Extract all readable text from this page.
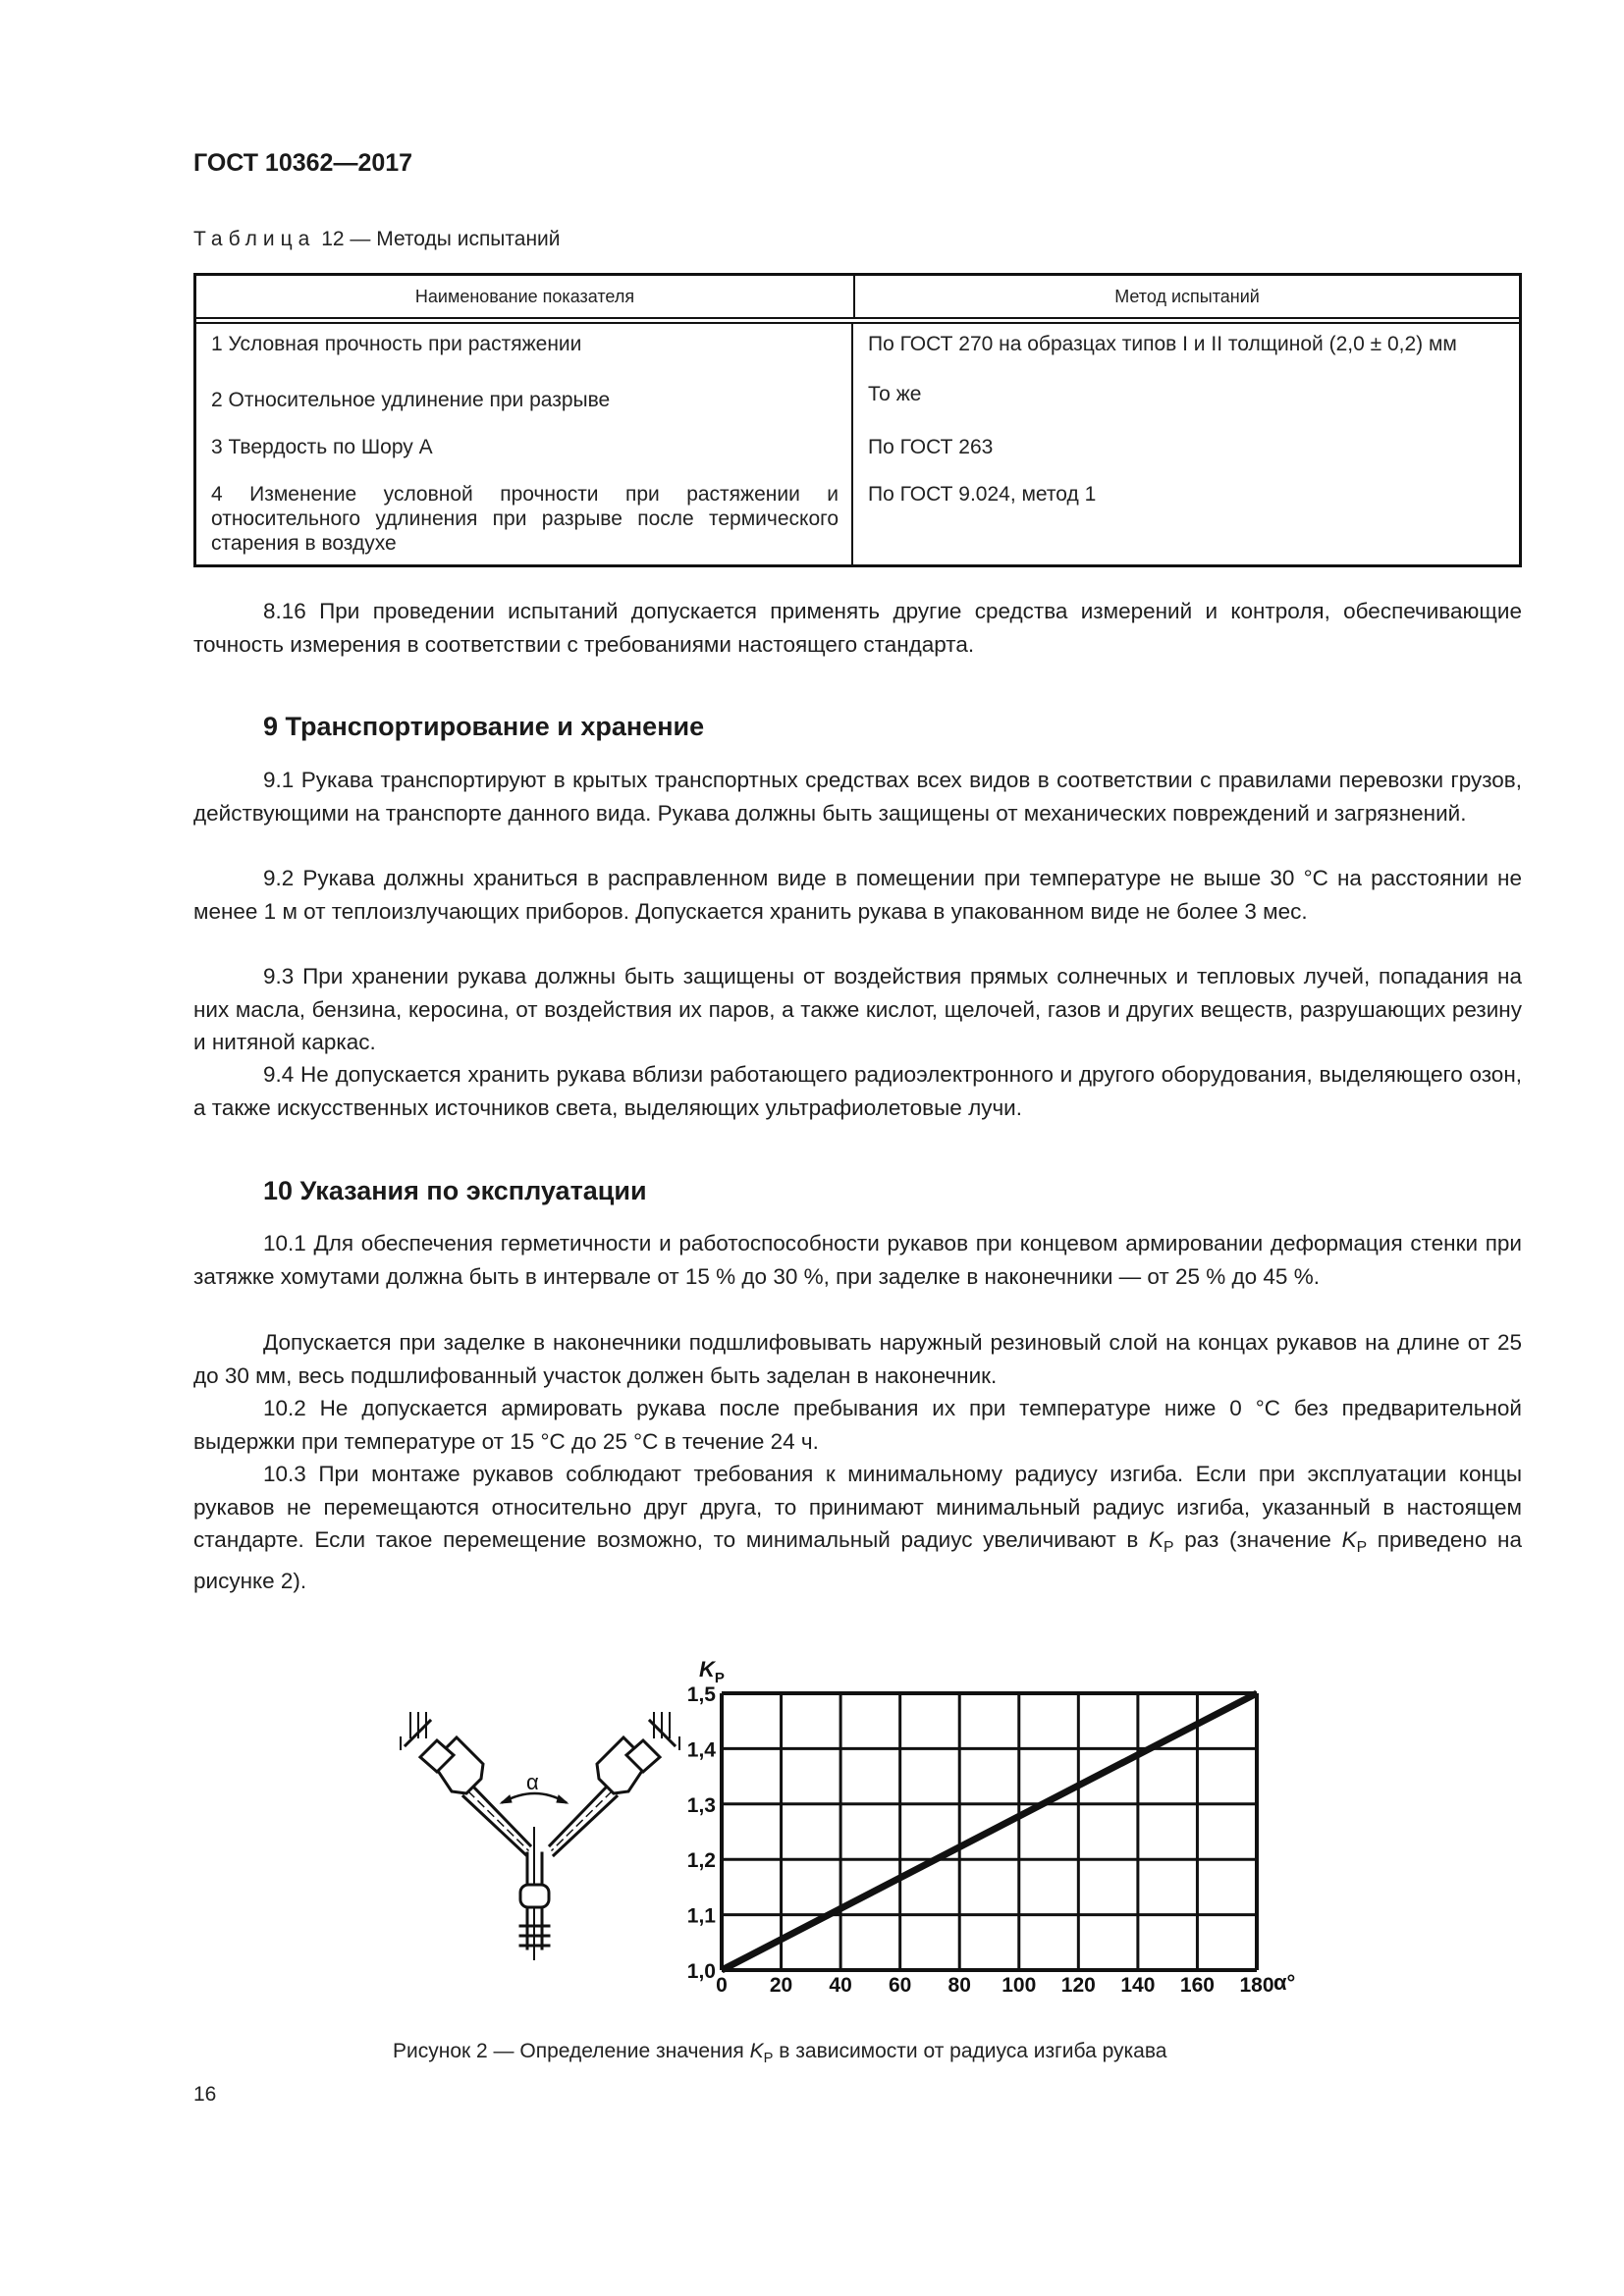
ГОСТ 10362—2017
Таблица 12 — Методы испытаний
Наименование показателя	Метод испытаний
1 Условная прочность при растяжении
2 Относительное удлинение при разрыве
3 Твердость по Шору А
4 Изменение условной прочности при растяжении и относительного удлинения при разрыве после термического старения в воздухе
По ГОСТ 270 на образцах типов I и II толщиной (2,0 ± 0,2) мм
То же
По ГОСТ 263
По ГОСТ 9.024, метод 1
8.16 При проведении испытаний допускается применять другие средства измерений и контроля, обеспечивающие точность измерения в соответствии с требованиями настоящего стандарта.
9 Транспортирование и хранение
9.1 Рукава транспортируют в крытых транспортных средствах всех видов в соответствии с правилами перевозки грузов, действующими на транспорте данного вида. Рукава должны быть защищены от механических повреждений и загрязнений.
9.2 Рукава должны храниться в расправленном виде в помещении при температуре не выше 30 °С на расстоянии не менее 1 м от теплоизлучающих приборов. Допускается хранить рукава в упакованном виде не более 3 мес.
9.3 При хранении рукава должны быть защищены от воздействия прямых солнечных и тепловых лучей, попадания на них масла, бензина, керосина, от воздействия их паров, а также кислот, щелочей, газов и других веществ, разрушающих резину и нитяной каркас.
9.4 Не допускается хранить рукава вблизи работающего радиоэлектронного и другого оборудования, выделяющего озон, а также искусственных источников света, выделяющих ультрафиолетовые лучи.
10 Указания по эксплуатации
10.1 Для обеспечения герметичности и работоспособности рукавов при концевом армировании деформация стенки при затяжке хомутами должна быть в интервале от 15 % до 30 %, при заделке в наконечники — от 25 % до 45 %.
Допускается при заделке в наконечники подшлифовывать наружный резиновый слой на концах рукавов на длине от 25 до 30 мм, весь подшлифованный участок должен быть заделан в наконечник.
10.2 Не допускается армировать рукава после пребывания их при температуре ниже 0 °С без предварительной выдержки при температуре от 15 °С до 25 °С в течение 24 ч.
10.3 При монтаже рукавов соблюдают требования к минимальному радиусу изгиба. Если при эксплуатации концы рукавов не перемещаются относительно друг друга, то принимают минимальный радиус изгиба, указанный в настоящем стандарте. Если такое перемещение возможно, то минимальный радиус увеличивают в $K_P$ раз (значение $K_P$ приведено на рисунке 2).
α
1,0
1,1
1,2
1,3
1,4
1,5
0 20 40 60 80 100 120 140 160 180
$K_P$
α°
Рисунок 2 — Определение значения $K_P$ в зависимости от радиуса изгиба рукава
16
